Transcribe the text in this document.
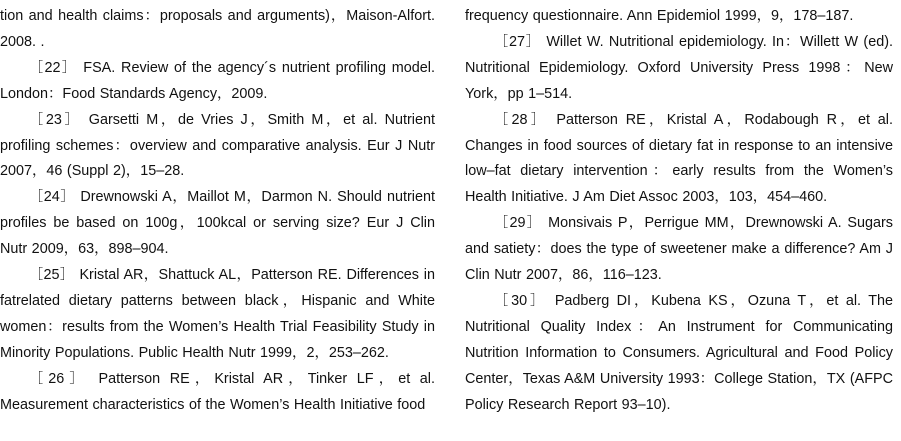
tion and health claims：proposals and arguments)，Maison-Alfort. 2008. .

［22］ FSA. Review of the agency´s nutrient profiling model. London：Food Standards Agency，2009.

［23］ Garsetti M，de Vries J，Smith M，et al. Nutrient profiling schemes：overview and comparative analysis. Eur J Nutr 2007，46 (Suppl 2)，15–28.

［24］ Drewnowski A，Maillot M，Darmon N. Should nutrient profiles be based on 100g，100kcal or serving size? Eur J Clin Nutr 2009，63，898–904.

［25］ Kristal AR，Shattuck AL，Patterson RE. Differences in fatrelated dietary patterns between black，Hispanic and White women：results from the Women’s Health Trial Feasibility Study in Minority Populations. Public Health Nutr 1999，2，253–262.

［26］ Patterson RE，Kristal AR，Tinker LF，et al. Measurement characteristics of the Women’s Health Initiative food

frequency questionnaire. Ann Epidemiol 1999，9，178–187.

［27］ Willet W. Nutritional epidemiology. In：Willett W (ed). Nutritional Epidemiology. Oxford University Press 1998：New York，pp 1–514.

［28］ Patterson RE，Kristal A，Rodabough R，et al. Changes in food sources of dietary fat in response to an intensive low–fat dietary intervention：early results from the Women’s Health Initiative. J Am Diet Assoc 2003，103，454–460.

［29］ Monsivais P，Perrigue MM，Drewnowski A. Sugars and satiety：does the type of sweetener make a difference? Am J Clin Nutr 2007，86，116–123.

［30］ Padberg DI，Kubena KS，Ozuna T，et al. The Nutritional Quality Index：An Instrument for Communicating Nutrition Information to Consumers. Agricultural and Food Policy Center，Texas A&M University 1993：College Station，TX (AFPC Policy Research Report 93–10).
